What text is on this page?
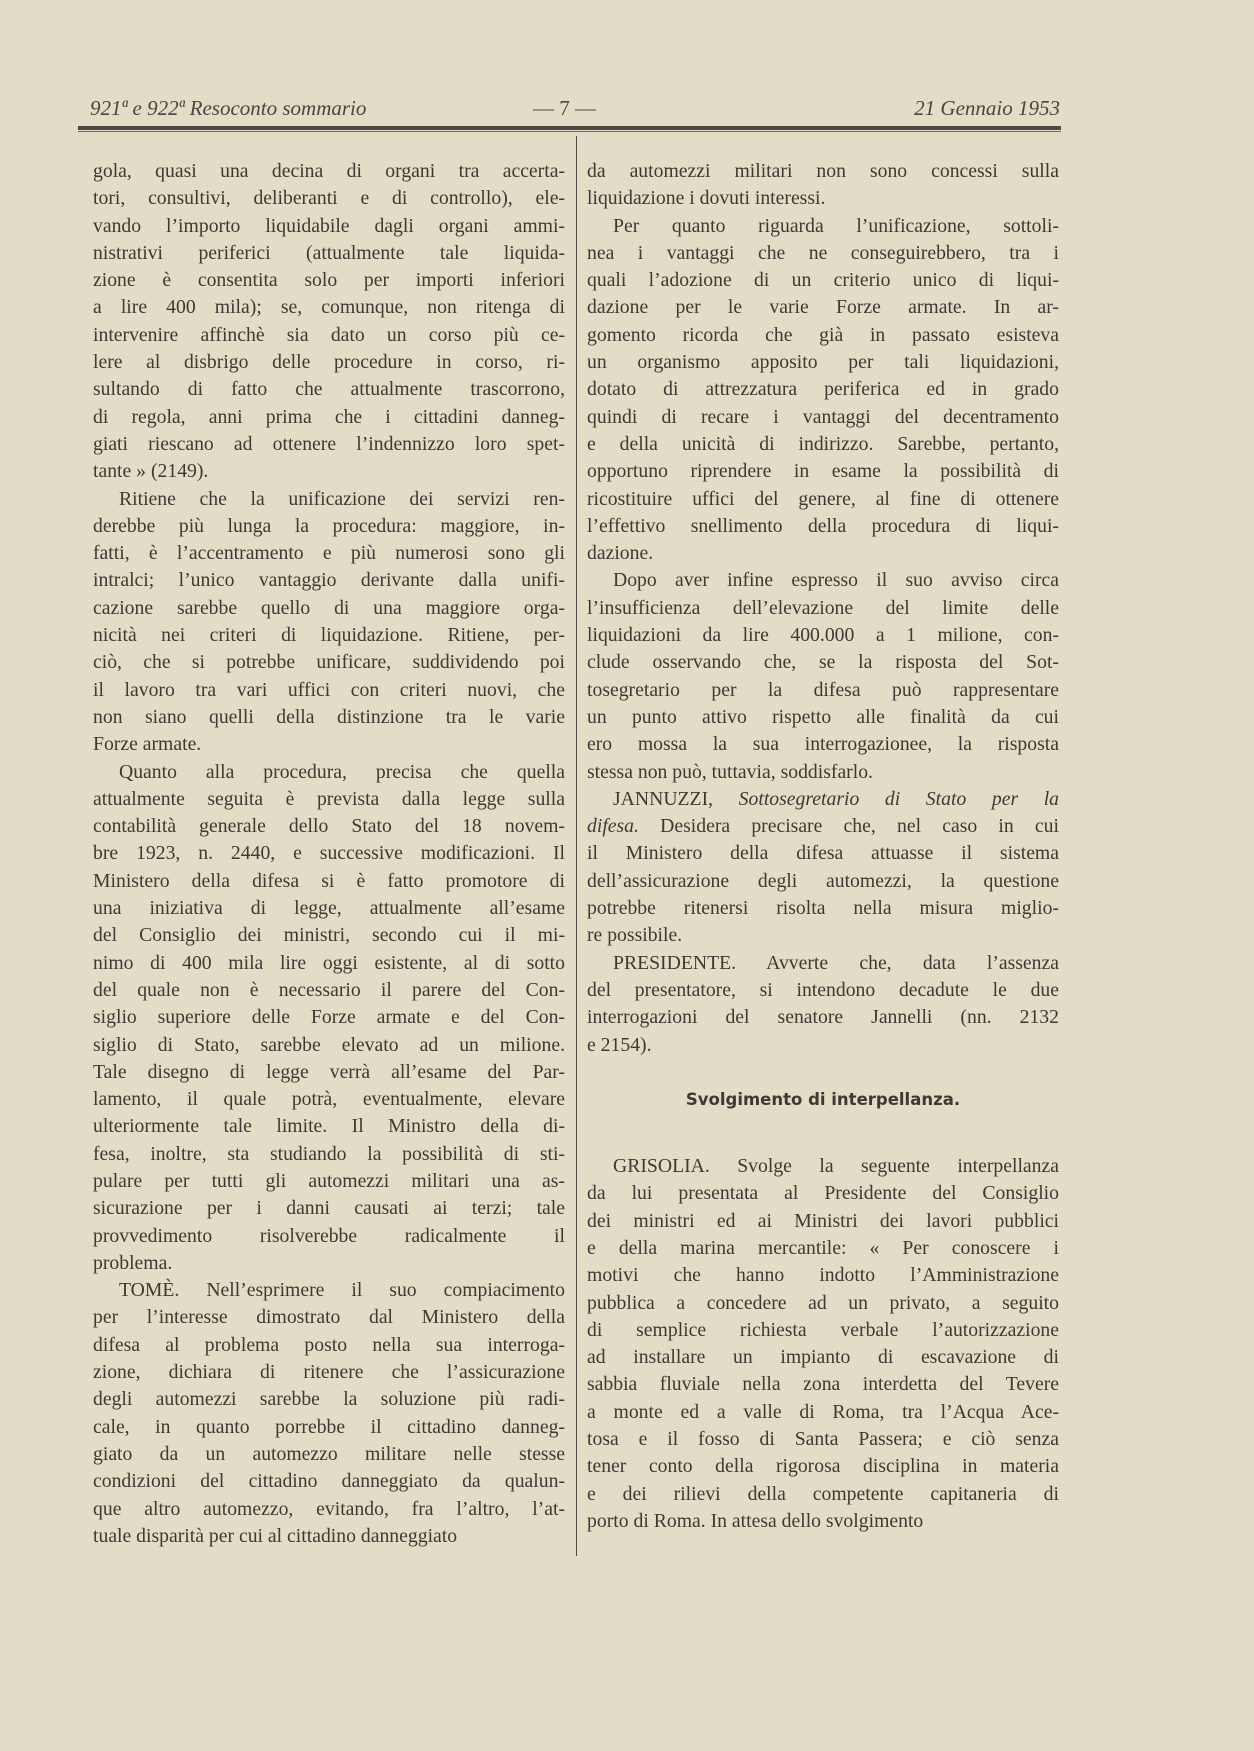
921ª e 922ª Resoconto sommario	— 7 —	21 Gennaio 1953
gola, quasi una decina di organi tra accerta-
tori, consultivi, deliberanti e di controllo), ele-
vando l’importo liquidabile dagli organi ammi-
nistrativi periferici (attualmente tale liquida-
zione è consentita solo per importi inferiori
a lire 400 mila); se, comunque, non ritenga di
intervenire affinchè sia dato un corso più ce-
lere al disbrigo delle procedure in corso, ri-
sultando di fatto che attualmente trascorrono,
di regola, anni prima che i cittadini danneg-
giati riescano ad ottenere l’indennizzo loro spet-
tante » (2149).
Ritiene che la unificazione dei servizi ren-
derebbe più lunga la procedura: maggiore, in-
fatti, è l’accentramento e più numerosi sono gli
intralci; l’unico vantaggio derivante dalla unifi-
cazione sarebbe quello di una maggiore orga-
nicità nei criteri di liquidazione. Ritiene, per-
ciò, che si potrebbe unificare, suddividendo poi
il lavoro tra vari uffici con criteri nuovi, che
non siano quelli della distinzione tra le varie
Forze armate.
Quanto alla procedura, precisa che quella
attualmente seguita è prevista dalla legge sulla
contabilità generale dello Stato del 18 novem-
bre 1923, n. 2440, e successive modificazioni. Il
Ministero della difesa si è fatto promotore di
una iniziativa di legge, attualmente all’esame
del Consiglio dei ministri, secondo cui il mi-
nimo di 400 mila lire oggi esistente, al di sotto
del quale non è necessario il parere del Con-
siglio superiore delle Forze armate e del Con-
siglio di Stato, sarebbe elevato ad un milione.
Tale disegno di legge verrà all’esame del Par-
lamento, il quale potrà, eventualmente, elevare
ulteriormente tale limite. Il Ministro della di-
fesa, inoltre, sta studiando la possibilità di sti-
pulare per tutti gli automezzi militari una as-
sicurazione per i danni causati ai terzi; tale
provvedimento risolverebbe radicalmente il
problema.
TOMÈ. Nell’esprimere il suo compiacimento
per l’interesse dimostrato dal Ministero della
difesa al problema posto nella sua interroga-
zione, dichiara di ritenere che l’assicurazione
degli automezzi sarebbe la soluzione più radi-
cale, in quanto porrebbe il cittadino danneg-
giato da un automezzo militare nelle stesse
condizioni del cittadino danneggiato da qualun-
que altro automezzo, evitando, fra l’altro, l’at-
tuale disparità per cui al cittadino danneggiato
da automezzi militari non sono concessi sulla
liquidazione i dovuti interessi.
Per quanto riguarda l’unificazione, sottoli-
nea i vantaggi che ne conseguirebbero, tra i
quali l’adozione di un criterio unico di liqui-
dazione per le varie Forze armate. In ar-
gomento ricorda che già in passato esisteva
un organismo apposito per tali liquidazioni,
dotato di attrezzatura periferica ed in grado
quindi di recare i vantaggi del decentramento
e della unicità di indirizzo. Sarebbe, pertanto,
opportuno riprendere in esame la possibilità di
ricostituire uffici del genere, al fine di ottenere
l’effettivo snellimento della procedura di liqui-
dazione.
Dopo aver infine espresso il suo avviso circa
l’insufficienza dell’elevazione del limite delle
liquidazioni da lire 400.000 a 1 milione, con-
clude osservando che, se la risposta del Sot-
tosegretario per la difesa può rappresentare
un punto attivo rispetto alle finalità da cui
ero mossa la sua interrogazionee, la risposta
stessa non può, tuttavia, soddisfarlo.
JANNUZZI, Sottosegretario di Stato per la
difesa. Desidera precisare che, nel caso in cui
il Ministero della difesa attuasse il sistema
dell’assicurazione degli automezzi, la questione
potrebbe ritenersi risolta nella misura miglio-
re possibile.
PRESIDENTE. Avverte che, data l’assenza
del presentatore, si intendono decadute le due
interrogazioni del senatore Jannelli (nn. 2132
e 2154).
Svolgimento di interpellanza.
GRISOLIA. Svolge la seguente interpellanza
da lui presentata al Presidente del Consiglio
dei ministri ed ai Ministri dei lavori pubblici
e della marina mercantile: « Per conoscere i
motivi che hanno indotto l’Amministrazione
pubblica a concedere ad un privato, a seguito
di semplice richiesta verbale l’autorizzazione
ad installare un impianto di escavazione di
sabbia fluviale nella zona interdetta del Tevere
a monte ed a valle di Roma, tra l’Acqua Ace-
tosa e il fosso di Santa Passera; e ciò senza
tener conto della rigorosa disciplina in materia
e dei rilievi della competente capitaneria di
porto di Roma. In attesa dello svolgimento
